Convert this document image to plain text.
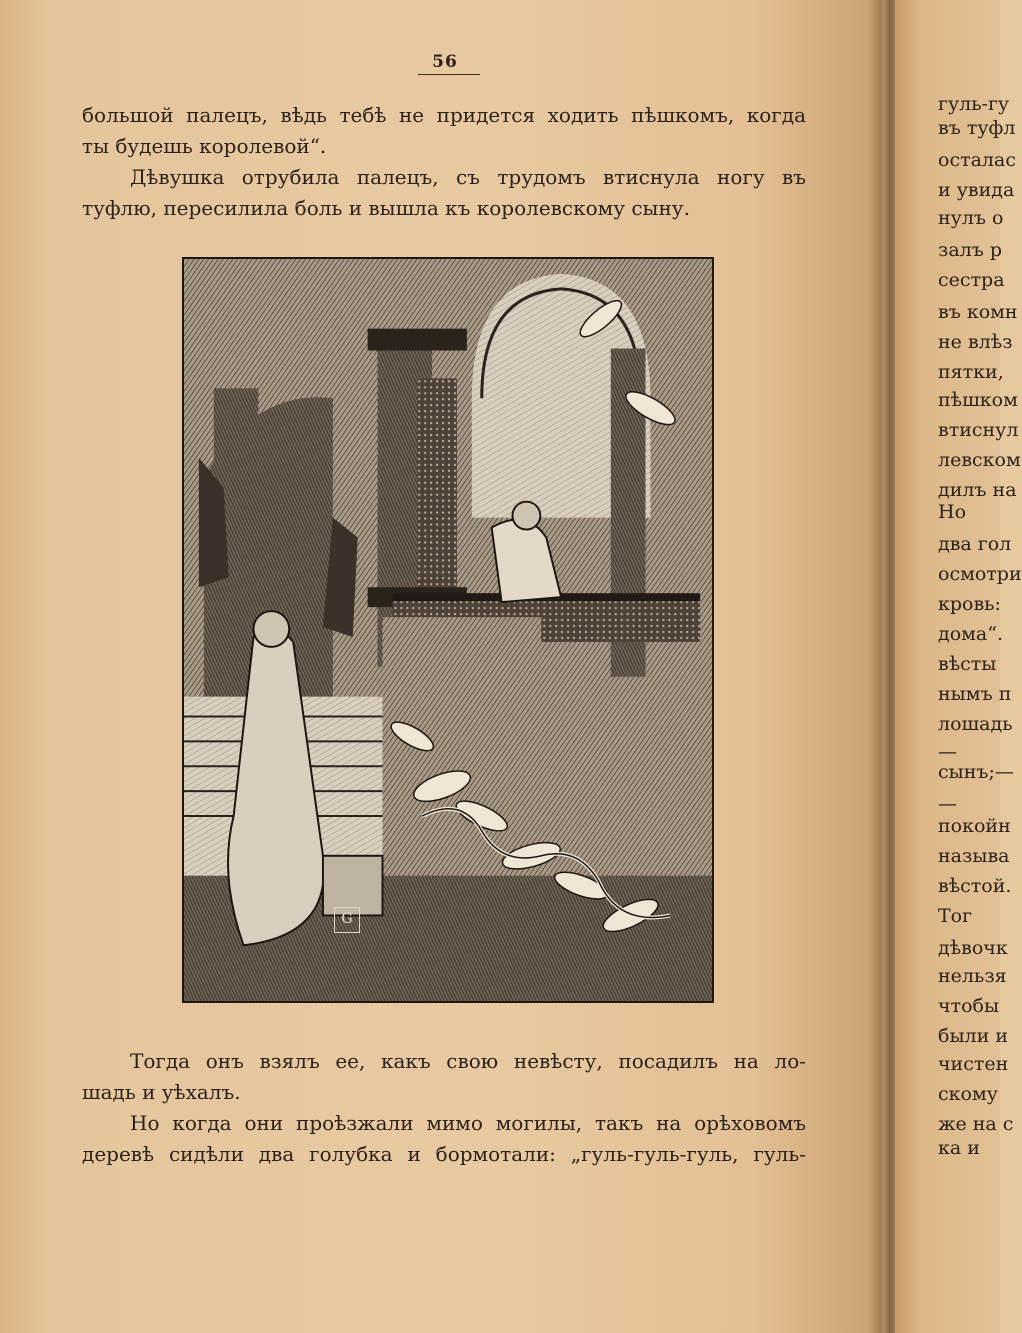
56

большой палецъ, вѣдь тебѣ не придется ходить пѣшкомъ, когда

ты будешь королевой“.

Дѣвушка отрубила палецъ, съ трудомъ втиснула ногу въ

туфлю, пересилила боль и вышла къ королевскому сыну.

G

Тогда онъ взялъ ее, какъ свою невѣсту, посадилъ на ло-

шадь и уѣхалъ.

Но когда они проѣзжали мимо могилы, такъ на орѣховомъ

деревѣ сидѣли два голубка и бормотали: „гуль-гуль-гуль, гуль-

гуль-гу
въ туфл
осталас
и увида
нулъ о
залъ р
сестра
въ комн
не влѣз
пятки,
пѣшком
втиснул
левском
дилъ на
Но
два гол
осмотри
кровь:
дома“.
вѣсты
нымъ п
лошадь
—
сынъ;—
—
покойн
называ
вѣстой.
Тог
дѣвочк
нельзя
чтобы
были и
чистен
скому
же на с
ка и
